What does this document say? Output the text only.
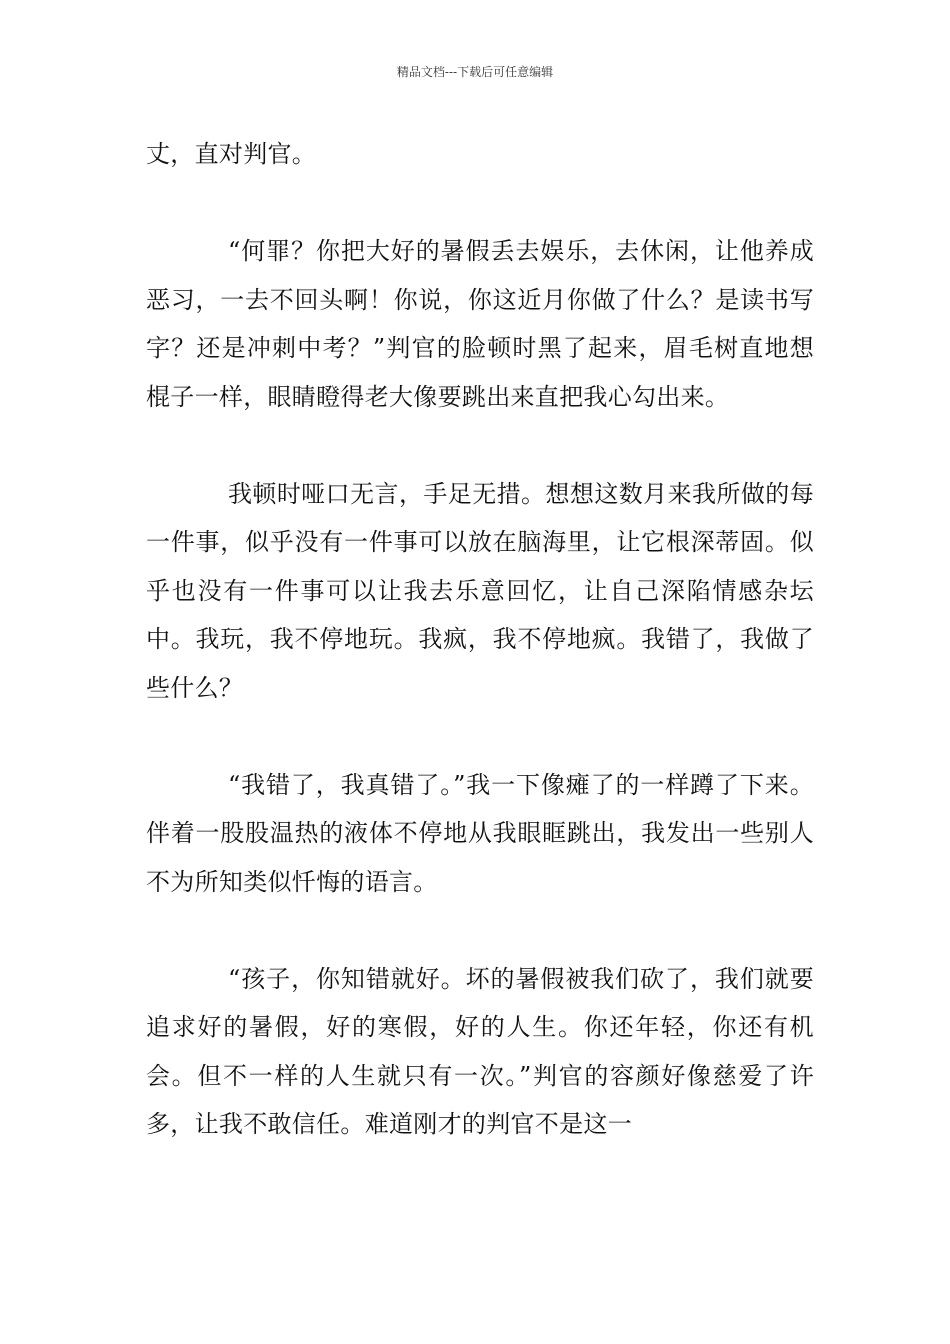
精品文档---下载后可任意编辑

丈，直对判官。

“何罪？你把大好的暑假丢去娱乐，去休闲，让他养成恶习，一去不回头啊！你说，你这近月你做了什么？是读书写字？还是冲刺中考？”判官的脸顿时黑了起来，眉毛树直地想棍子一样，眼睛瞪得老大像要跳出来直把我心勾出来。

我顿时哑口无言，手足无措。想想这数月来我所做的每一件事，似乎没有一件事可以放在脑海里，让它根深蒂固。似乎也没有一件事可以让我去乐意回忆，让自己深陷情感杂坛中。我玩，我不停地玩。我疯，我不停地疯。我错了，我做了些什么？

“我错了，我真错了。”我一下像瘫了的一样蹲了下来。伴着一股股温热的液体不停地从我眼眶跳出，我发出一些别人不为所知类似忏悔的语言。

“孩子，你知错就好。坏的暑假被我们砍了，我们就要追求好的暑假，好的寒假，好的人生。你还年轻，你还有机会。但不一样的人生就只有一次。”判官的容颜好像慈爱了许多，让我不敢信任。难道刚才的判官不是这一
